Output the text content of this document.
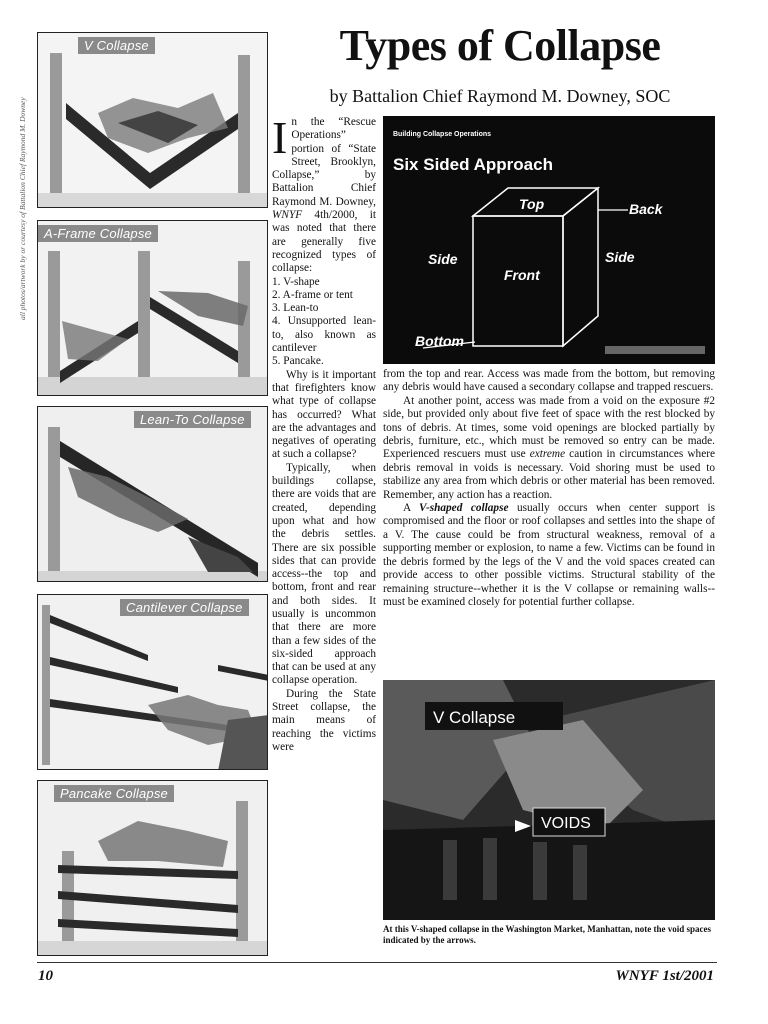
all photos/artwork by or courtesy of Battalion Chief Raymond M. Downey
V Collapse
A-Frame Collapse
Lean-To Collapse
Cantilever Collapse
Pancake Collapse
Types of Collapse
by Battalion Chief Raymond M. Downey, SOC

In the “Rescue Operations” portion of “State Street, Brooklyn, Collapse,” by Battalion Chief Raymond M. Downey, WNYF 4th/2000, it was noted that there are generally five recognized types of collapse:

1. V-shape

2. A-frame or tent

3. Lean-to

4. Unsupported lean-to, also known as cantilever

5. Pancake.

Why is it important that firefighters know what type of collapse has occurred? What are the advantages and negatives of operating at such a collapse?

Typically, when buildings collapse, there are voids that are created, depending upon what and how the debris settles. There are six possible sides that can provide access--the top and bottom, front and rear and both sides. It usually is uncommon that there are more than a few sides of the six-sided approach that can be used at any collapse operation.

During the State Street collapse, the main means of reaching the victims were

Building Collapse Operations
Six Sided Approach
Top	Back
Side
Front
Side
Bottom

from the top and rear. Access was made from the bottom, but removing any debris would have caused a secondary collapse and trapped rescuers.

At another point, access was made from a void on the exposure #2 side, but provided only about five feet of space with the rest blocked by tons of debris. At times, some void openings are blocked partially by debris, furniture, etc., which must be removed so entry can be made. Experienced rescuers must use extreme caution in circumstances where debris removal in voids is necessary. Void shoring must be used to stabilize any area from which debris or other material has been removed. Remember, any action has a reaction.

A V-shaped collapse usually occurs when center support is compromised and the floor or roof collapses and settles into the shape of a V. The cause could be from structural weakness, removal of a supporting member or explosion, to name a few. Victims can be found in the debris formed by the legs of the V and the void spaces created can provide access to other possible victims. Structural stability of the remaining structure--whether it is the V collapse or remaining walls--must be examined closely for potential further collapse.

V Collapse
VOIDS
At this V-shaped collapse in the Washington Market, Manhattan, note the void spaces indicated by the arrows.
10	WNYF 1st/2001
